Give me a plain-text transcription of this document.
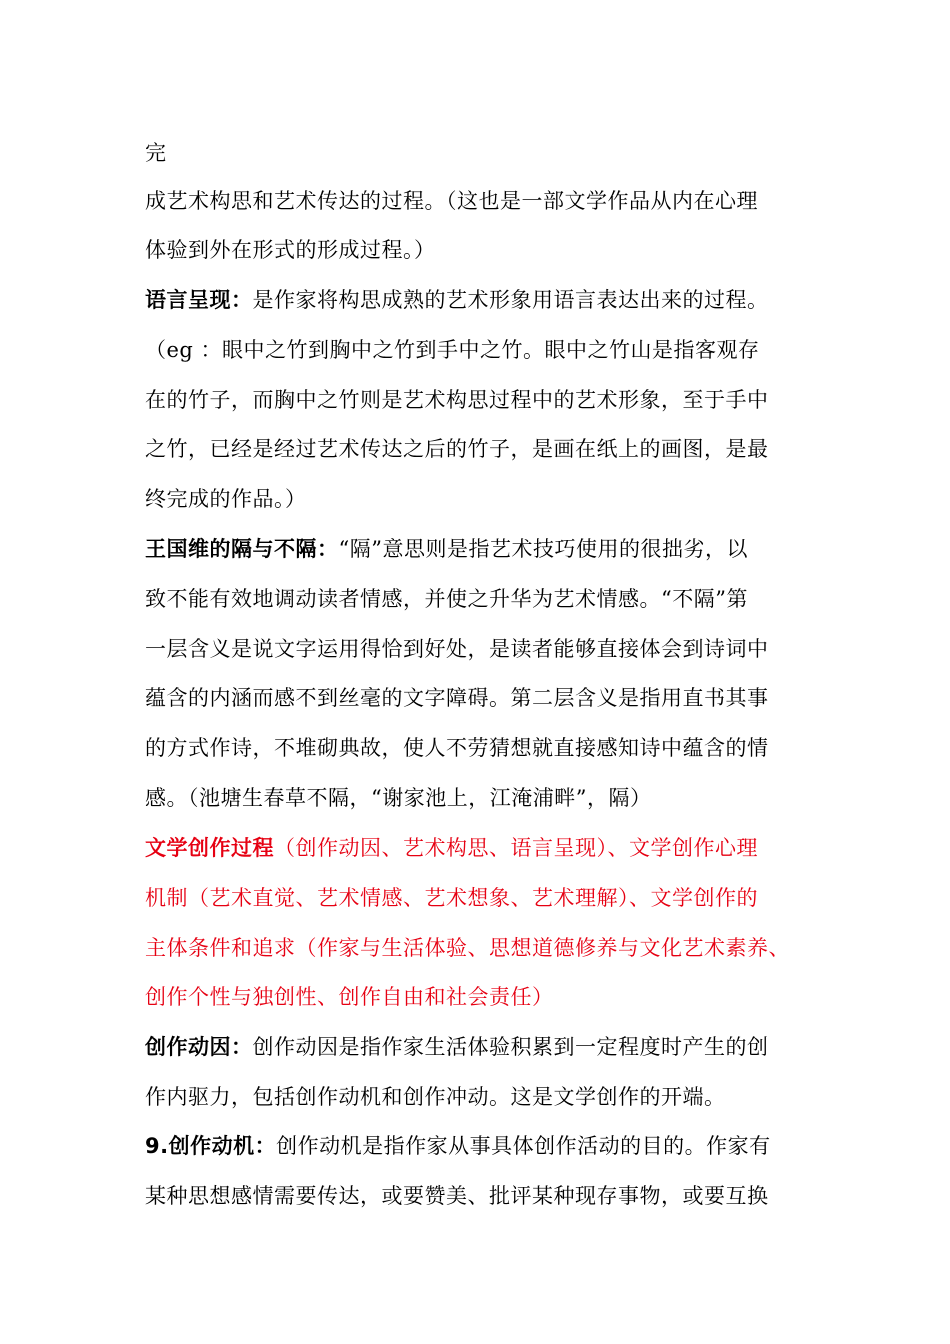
完
成艺术构思和艺术传达的过程。（这也是一部文学作品从内在心理
体验到外在形式的形成过程。）
语言呈现：是作家将构思成熟的艺术形象用语言表达出来的过程。
（eg ：眼中之竹到胸中之竹到手中之竹。眼中之竹山是指客观存
在的竹子，而胸中之竹则是艺术构思过程中的艺术形象，至于手中
之竹，已经是经过艺术传达之后的竹子，是画在纸上的画图，是最
终完成的作品。）
王国维的隔与不隔：“隔”意思则是指艺术技巧使用的很拙劣，以
致不能有效地调动读者情感，并使之升华为艺术情感。“不隔”第
一层含义是说文字运用得恰到好处，是读者能够直接体会到诗词中
蕴含的内涵而感不到丝毫的文字障碍。第二层含义是指用直书其事
的方式作诗，不堆砌典故，使人不劳猜想就直接感知诗中蕴含的情
感。（池塘生春草不隔，“谢家池上，江淹浦畔”，隔）
文学创作过程（创作动因、艺术构思、语言呈现）、文学创作心理
机制（艺术直觉、艺术情感、艺术想象、艺术理解）、文学创作的
主体条件和追求（作家与生活体验、思想道德修养与文化艺术素养、
创作个性与独创性、创作自由和社会责任）
创作动因：创作动因是指作家生活体验积累到一定程度时产生的创
作内驱力，包括创作动机和创作冲动。这是文学创作的开端。
9.创作动机：创作动机是指作家从事具体创作活动的目的。作家有
某种思想感情需要传达，或要赞美、批评某种现存事物，或要互换
